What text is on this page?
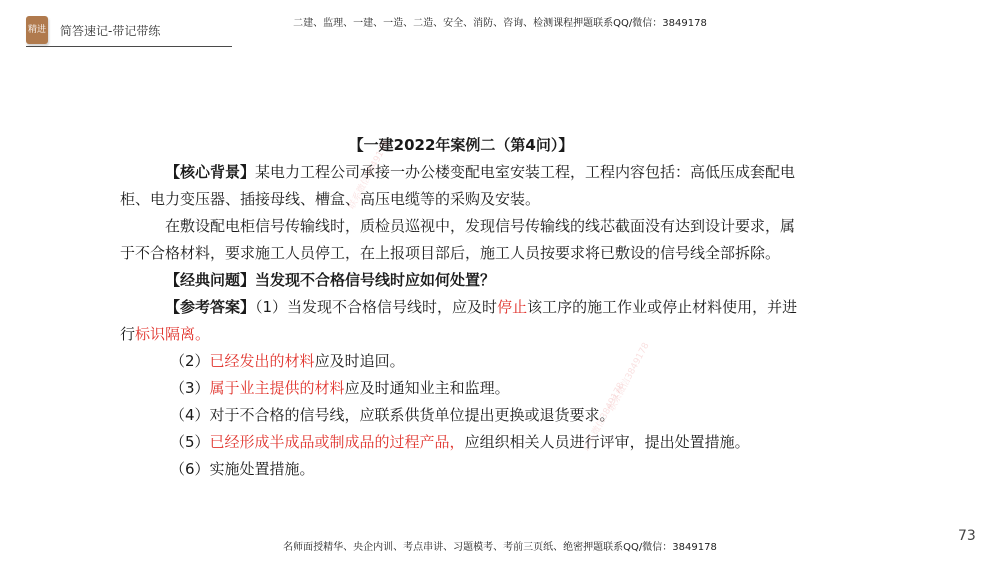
精进 简答速记-带记带练
二建、监理、一建、一造、二造、安全、消防、咨询、检测课程押题联系QQ/微信：3849178

【一建2022年案例二（第4问）】

【核心背景】某电力工程公司承接一办公楼变配电室安装工程，工程内容包括：高低压成套配电柜、电力变压器、插接母线、槽盒、高压电缆等的采购及安装。

在敷设配电柜信号传输线时，质检员巡视中，发现信号传输线的线芯截面没有达到设计要求，属于不合格材料，要求施工人员停工，在上报项目部后，施工人员按要求将已敷设的信号线全部拆除。

【经典问题】当发现不合格信号线时应如何处置？

【参考答案】（1）当发现不合格信号线时，应及时停止该工序的施工作业或停止材料使用，并进行标识隔离。

（2）已经发出的材料应及时追回。

（3）属于业主提供的材料应及时通知业主和监理。

（4）对于不合格的信号线，应联系供货单位提出更换或退货要求。

（5）已经形成半成品或制成品的过程产品，应组织相关人员进行评审，提出处置措施。

（6）实施处置措施。

联系微信3849178
联系微信3849178
联系微信3849178
名师面授精华、央企内训、考点串讲、习题模考、考前三页纸、绝密押题联系QQ/微信：3849178
73
